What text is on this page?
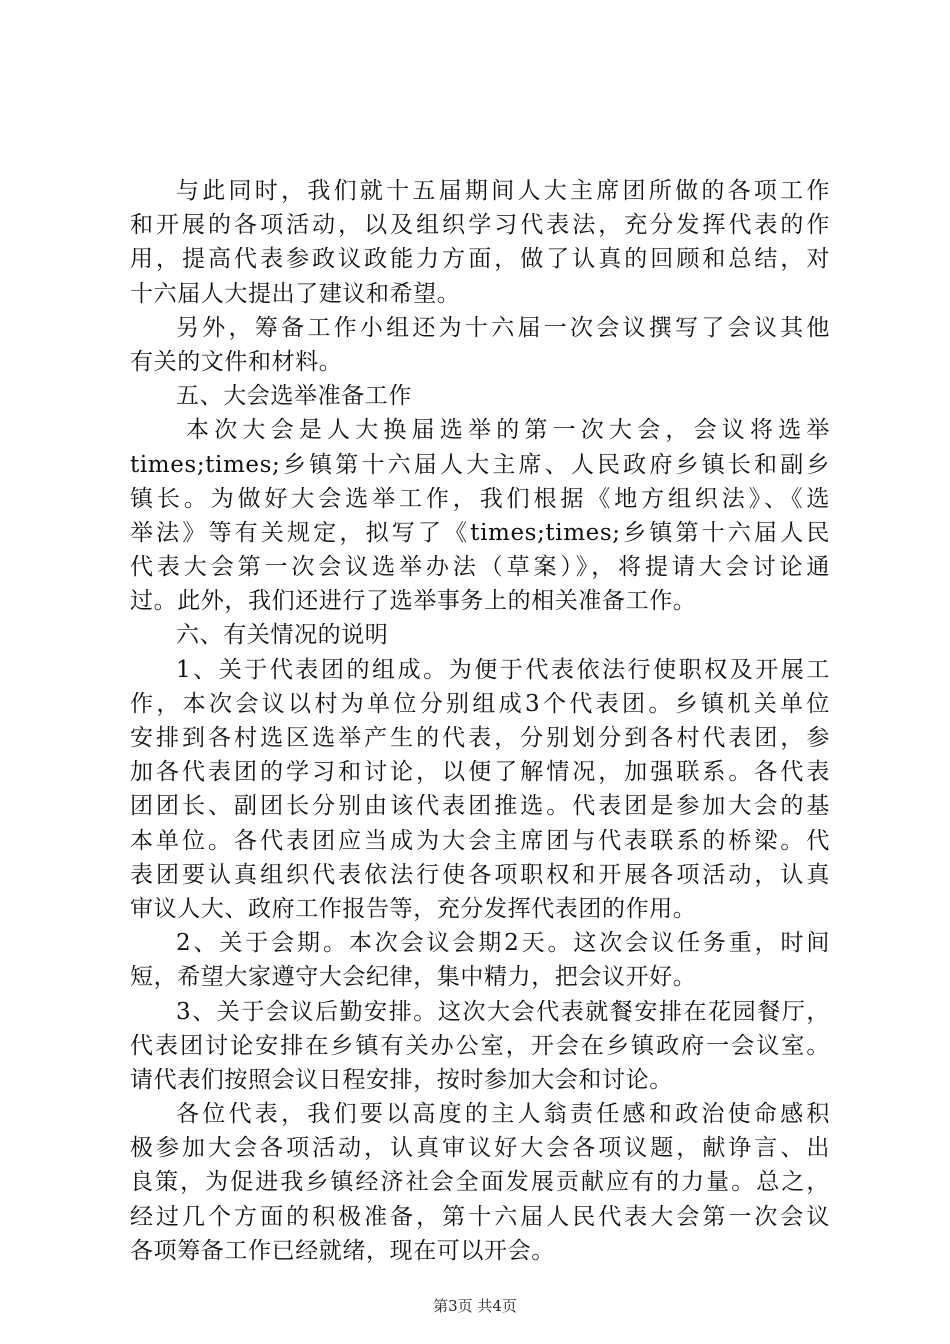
与此同时，我们就十五届期间人大主席团所做的各项工作
和开展的各项活动，以及组织学习代表法，充分发挥代表的作
用，提高代表参政议政能力方面，做了认真的回顾和总结，对
十六届人大提出了建议和希望。
另外，筹备工作小组还为十六届一次会议撰写了会议其他
有关的文件和材料。
五、大会选举准备工作
本次大会是人大换届选举的第一次大会，会议将选举
times;times;乡镇第十六届人大主席、人民政府乡镇长和副乡
镇长。为做好大会选举工作，我们根据《地方组织法》、《选
举法》等有关规定，拟写了《times;times;乡镇第十六届人民
代表大会第一次会议选举办法（草案）》，将提请大会讨论通
过。此外，我们还进行了选举事务上的相关准备工作。
六、有关情况的说明
1、关于代表团的组成。为便于代表依法行使职权及开展工
作，本次会议以村为单位分别组成3个代表团。乡镇机关单位
安排到各村选区选举产生的代表，分别划分到各村代表团，参
加各代表团的学习和讨论，以便了解情况，加强联系。各代表
团团长、副团长分别由该代表团推选。代表团是参加大会的基
本单位。各代表团应当成为大会主席团与代表联系的桥梁。代
表团要认真组织代表依法行使各项职权和开展各项活动，认真
审议人大、政府工作报告等，充分发挥代表团的作用。
2、关于会期。本次会议会期2天。这次会议任务重，时间
短，希望大家遵守大会纪律，集中精力，把会议开好。
3、关于会议后勤安排。这次大会代表就餐安排在花园餐厅，
代表团讨论安排在乡镇有关办公室，开会在乡镇政府一会议室。
请代表们按照会议日程安排，按时参加大会和讨论。
各位代表，我们要以高度的主人翁责任感和政治使命感积
极参加大会各项活动，认真审议好大会各项议题，献诤言、出
良策，为促进我乡镇经济社会全面发展贡献应有的力量。总之，
经过几个方面的积极准备，第十六届人民代表大会第一次会议
各项筹备工作已经就绪，现在可以开会。
第3页 共4页
